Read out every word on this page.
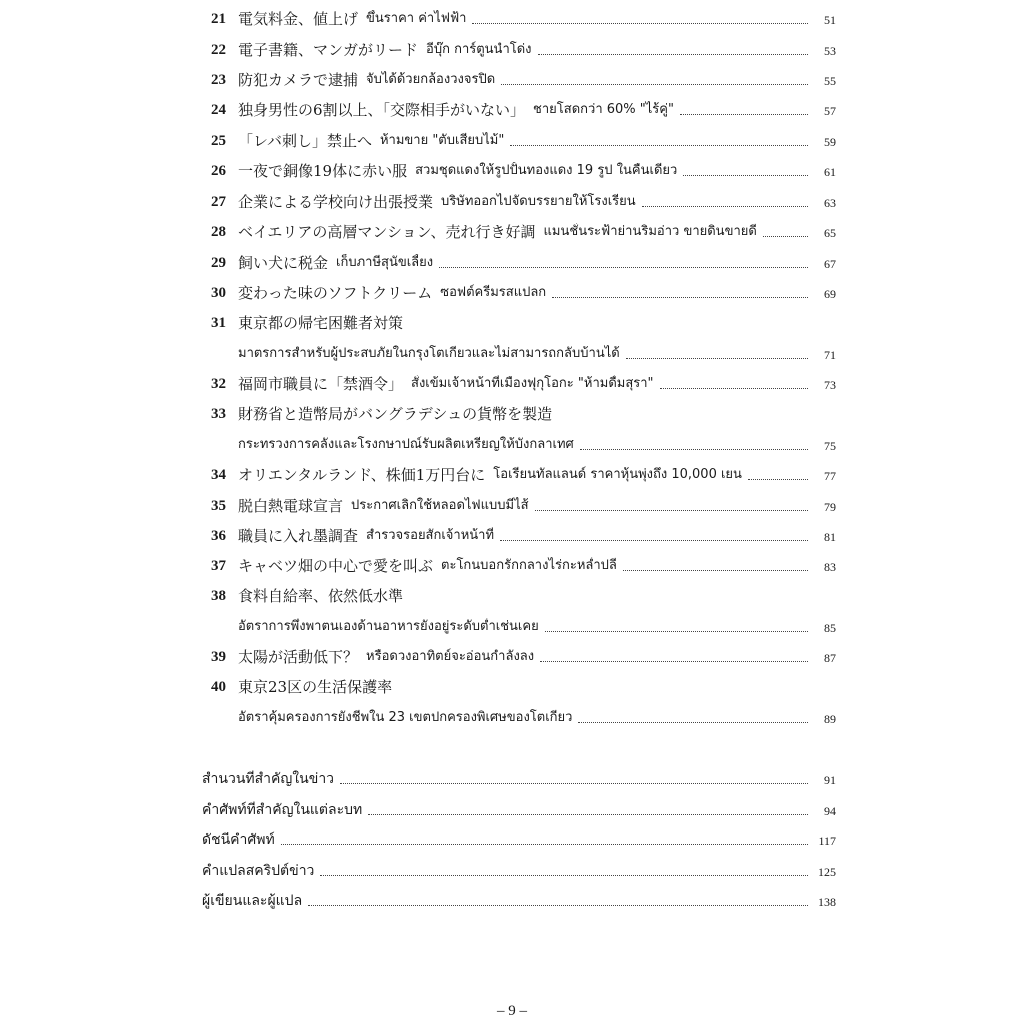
21 電気料金、値上げ ขึ้นราคา ค่าไฟฟ้า	51
22 電子書籍、マンガがリード อีบุ๊ก การ์ตูนนำโด่ง	53
23 防犯カメラで逮捕 จับได้ด้วยกล้องวงจรปิด	55
24 独身男性の6割以上、「交際相手がいない」 ชายโสดกว่า 60% "ไร้คู่"	57
25 「レバ刺し」禁止へ ห้ามขาย "ตับเสียบไม้"	59
26 一夜で銅像19体に赤い服 สวมชุดแดงให้รูปปั้นทองแดง 19 รูป ในคืนเดียว	61
27 企業による学校向け出張授業 บริษัทออกไปจัดบรรยายให้โรงเรียน	63
28 ベイエリアの高層マンション、売れ行き好調 แมนชั่นระฟ้าย่านริมอ่าว ขายดินขายดี	65
29 飼い犬に税金 เก็บภาษีสุนัขเลี้ยง	67
30 変わった味のソフトクリーム ซอฟต์ครีมรสแปลก	69
31 東京都の帰宅困難者対策
มาตรการสำหรับผู้ประสบภัยในกรุงโตเกียวและไม่สามารถกลับบ้านได้	71
32 福岡市職員に「禁酒令」 สั่งเข้มเจ้าหน้าที่เมืองฟุกุโอกะ "ห้ามดื่มสุรา"	73
33 財務省と造幣局がバングラデシュの貨幣を製造
กระทรวงการคลังและโรงกษาปณ์รับผลิตเหรียญให้บังกลาเทศ	75
34 オリエンタルランド、株価1万円台に โอเรียนทัลแลนด์ ราคาหุ้นพุ่งถึง 10,000 เยน	77
35 脱白熱電球宣言 ประกาศเลิกใช้หลอดไฟแบบมีไส้	79
36 職員に入れ墨調査 สำรวจรอยสักเจ้าหน้าที่	81
37 キャベツ畑の中心で愛を叫ぶ ตะโกนบอกรักกลางไร่กะหล่ำปลี	83
38 食料自給率、依然低水準
อัตราการพึ่งพาตนเองด้านอาหารยังอยู่ระดับต่ำเช่นเคย	85
39 太陽が活動低下？ หรือดวงอาทิตย์จะอ่อนกำลังลง	87
40 東京23区の生活保護率
อัตราคุ้มครองการยังชีพใน 23 เขตปกครองพิเศษของโตเกียว	89
สำนวนที่สำคัญในข่าว	91
คำศัพท์ที่สำคัญในแต่ละบท	94
ดัชนีคำศัพท์	117
คำแปลสคริปต์ข่าว	125
ผู้เขียนและผู้แปล	138
– 9 –
